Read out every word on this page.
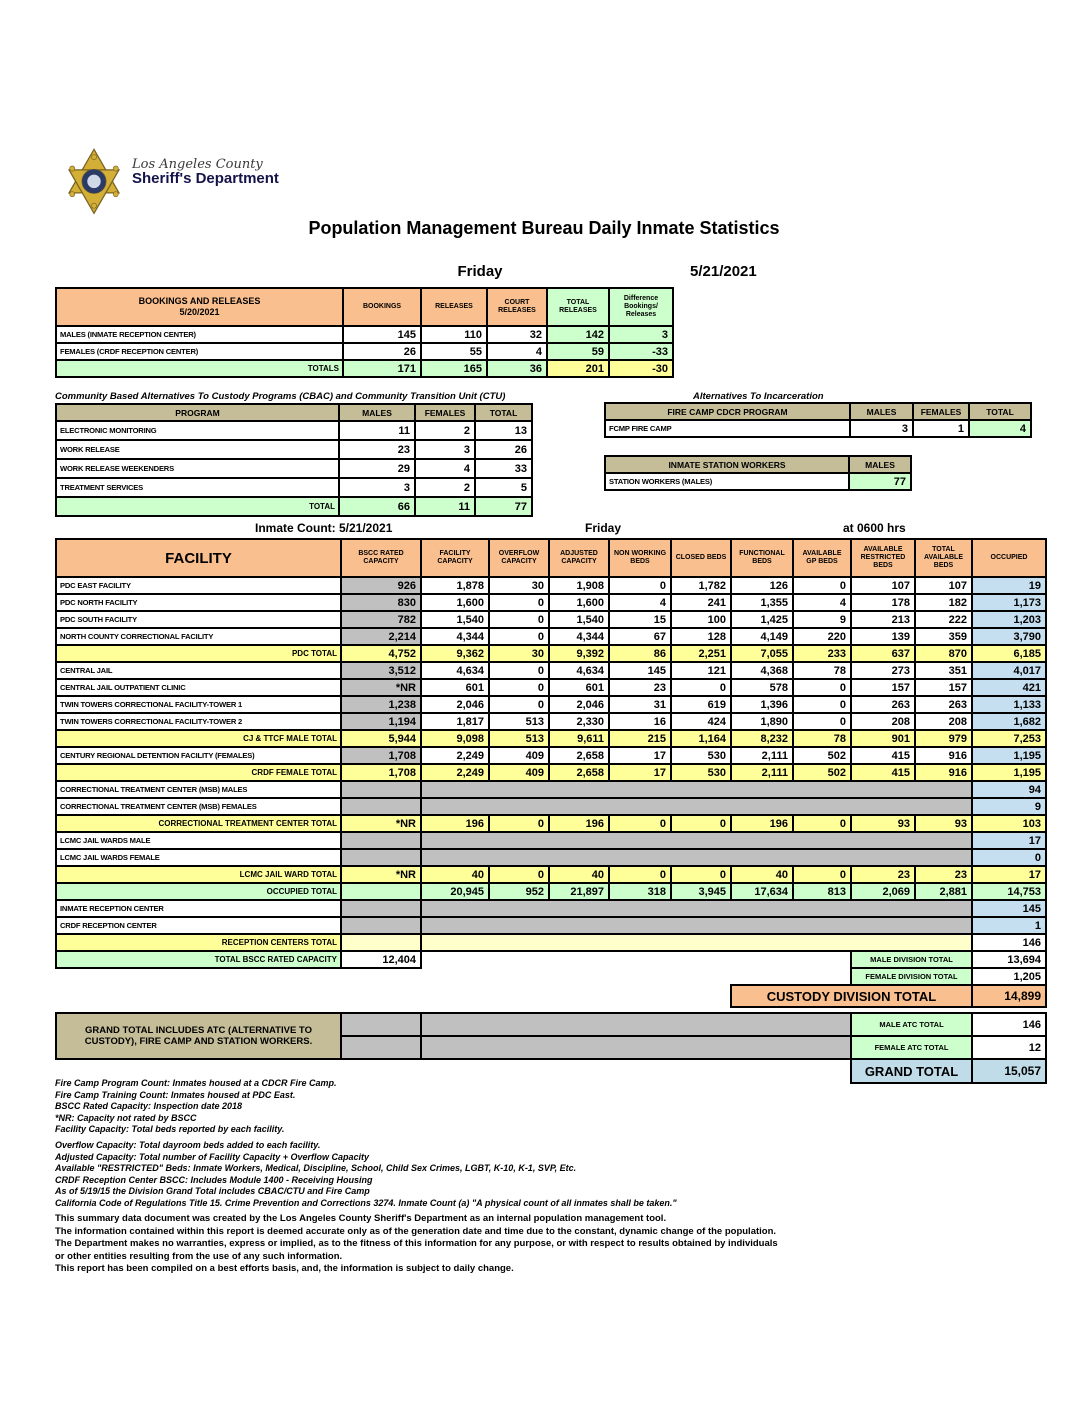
Los Angeles County
Sheriff's Department
Population Management Bureau Daily Inmate Statistics
Friday	5/21/2021
BOOKINGS AND RELEASES
5/20/2021	BOOKINGS	RELEASES	COURT RELEASES	TOTAL RELEASES	Difference Bookings/ Releases
MALES (INMATE RECEPTION CENTER)	145	110	32	142	3
FEMALES (CRDF RECEPTION CENTER)	26	55	4	59	-33
TOTALS	171	165	36	201	-30
Community Based Alternatives To Custody Programs (CBAC) and Community Transition Unit (CTU)
PROGRAM	MALES	FEMALES	TOTAL
ELECTRONIC MONITORING	11	2	13
WORK RELEASE	23	3	26
WORK RELEASE WEEKENDERS	29	4	33
TREATMENT SERVICES	3	2	5
TOTAL	66	11	77
Alternatives To Incarceration
FIRE CAMP CDCR PROGRAM	MALES	FEMALES	TOTAL
FCMP FIRE CAMP	3	1	4
INMATE STATION WORKERS	MALES
STATION WORKERS (MALES)	77
Inmate Count: 5/21/2021	Friday	at 0600 hrs
FACILITY	BSCC RATED CAPACITY	FACILITY CAPACITY	OVERFLOW CAPACITY	ADJUSTED CAPACITY	NON WORKING BEDS	CLOSED BEDS	FUNCTIONAL BEDS	AVAILABLE GP BEDS	AVAILABLE RESTRICTED BEDS	TOTAL AVAILABLE BEDS	OCCUPIED
PDC EAST FACILITY	926	1,878	30	1,908	0	1,782	126	0	107	107	19
PDC NORTH FACILITY	830	1,600	0	1,600	4	241	1,355	4	178	182	1,173
PDC SOUTH FACILITY	782	1,540	0	1,540	15	100	1,425	9	213	222	1,203
NORTH COUNTY CORRECTIONAL FACILITY	2,214	4,344	0	4,344	67	128	4,149	220	139	359	3,790
PDC TOTAL	4,752	9,362	30	9,392	86	2,251	7,055	233	637	870	6,185
CENTRAL JAIL	3,512	4,634	0	4,634	145	121	4,368	78	273	351	4,017
CENTRAL JAIL OUTPATIENT CLINIC	*NR	601	0	601	23	0	578	0	157	157	421
TWIN TOWERS CORRECTIONAL FACILITY-TOWER 1	1,238	2,046	0	2,046	31	619	1,396	0	263	263	1,133
TWIN TOWERS CORRECTIONAL FACILITY-TOWER 2	1,194	1,817	513	2,330	16	424	1,890	0	208	208	1,682
CJ & TTCF MALE TOTAL	5,944	9,098	513	9,611	215	1,164	8,232	78	901	979	7,253
CENTURY REGIONAL DETENTION FACILITY (FEMALES)	1,708	2,249	409	2,658	17	530	2,111	502	415	916	1,195
CRDF FEMALE TOTAL	1,708	2,249	409	2,658	17	530	2,111	502	415	916	1,195
CORRECTIONAL TREATMENT CENTER (MSB) MALES											94
CORRECTIONAL TREATMENT CENTER (MSB) FEMALES											9
CORRECTIONAL TREATMENT CENTER TOTAL	*NR	196	0	196	0	0	196	0	93	93	103
LCMC JAIL WARDS MALE											17
LCMC JAIL WARDS FEMALE											0
LCMC JAIL WARD TOTAL	*NR	40	0	40	0	0	40	0	23	23	17
OCCUPIED TOTAL		20,945	952	21,897	318	3,945	17,634	813	2,069	2,881	14,753
INMATE RECEPTION CENTER											145
CRDF RECEPTION CENTER											1
RECEPTION CENTERS TOTAL											146
TOTAL BSCC RATED CAPACITY	12,404								MALE DIVISION TOTAL		13,694
									FEMALE DIVISION TOTAL		1,205
							CUSTODY DIVISION TOTAL				14,899
GRAND TOTAL INCLUDES ATC (ALTERNATIVE TO CUSTODY), FIRE CAMP AND STATION WORKERS.			MALE ATC TOTAL	146
			FEMALE ATC TOTAL	12
			GRAND TOTAL	15,057
Fire Camp Program Count: Inmates housed at a CDCR Fire Camp.
Fire Camp Training Count: Inmates housed at PDC East.
BSCC Rated Capacity: Inspection date 2018
*NR: Capacity not rated by BSCC
Facility Capacity: Total beds reported by each facility.
Overflow Capacity: Total dayroom beds added to each facility.
Adjusted Capacity: Total number of Facility Capacity + Overflow Capacity
Available "RESTRICTED" Beds: Inmate Workers, Medical, Discipline, School, Child Sex Crimes, LGBT, K-10, K-1, SVP, Etc.
CRDF Reception Center BSCC: Includes Module 1400 - Receiving Housing
As of 5/19/15 the Division Grand Total includes CBAC/CTU and Fire Camp
California Code of Regulations Title 15. Crime Prevention and Corrections 3274. Inmate Count (a) "A physical count of all inmates shall be taken."
This summary data document was created by the Los Angeles County Sheriff's Department as an internal population management tool.
The information contained within this report is deemed accurate only as of the generation date and time due to the constant, dynamic change of the population.
The Department makes no warranties, express or implied, as to the fitness of this information for any purpose, or with respect to results obtained by individuals
or other entities resulting from the use of any such information.
This report has been compiled on a best efforts basis, and, the information is subject to daily change.
